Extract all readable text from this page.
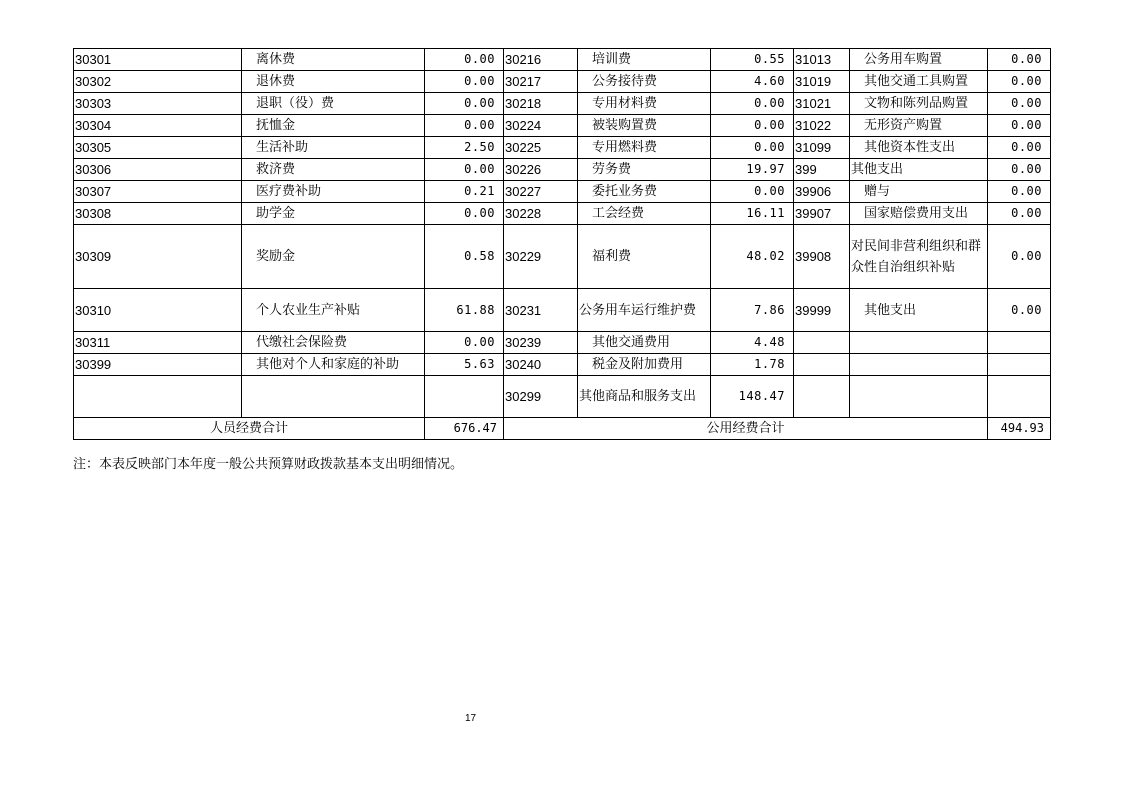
30301	离休费	0.00	30216	培训费	0.55	31013	公务用车购置	0.00
30302	退休费	0.00	30217	公务接待费	4.60	31019	其他交通工具购置	0.00
30303	退职（役）费	0.00	30218	专用材料费	0.00	31021	文物和陈列品购置	0.00
30304	抚恤金	0.00	30224	被装购置费	0.00	31022	无形资产购置	0.00
30305	生活补助	2.50	30225	专用燃料费	0.00	31099	其他资本性支出	0.00
30306	救济费	0.00	30226	劳务费	19.97	399	其他支出	0.00
30307	医疗费补助	0.21	30227	委托业务费	0.00	39906	赠与	0.00
30308	助学金	0.00	30228	工会经费	16.11	39907	国家赔偿费用支出	0.00
30309	奖励金	0.58	30229	福利费	48.02	39908	对民间非营利组织和群众性自治组织补贴	0.00
30310	个人农业生产补贴	61.88	30231	公务用车运行维护费	7.86	39999	其他支出	0.00
30311	代缴社会保险费	0.00	30239	其他交通费用	4.48			
30399	其他对个人和家庭的补助	5.63	30240	税金及附加费用	1.78			
			30299	其他商品和服务支出	148.47			
人员经费合计		676.47	公用经费合计					494.93
注：本表反映部门本年度一般公共预算财政拨款基本支出明细情况。
17
